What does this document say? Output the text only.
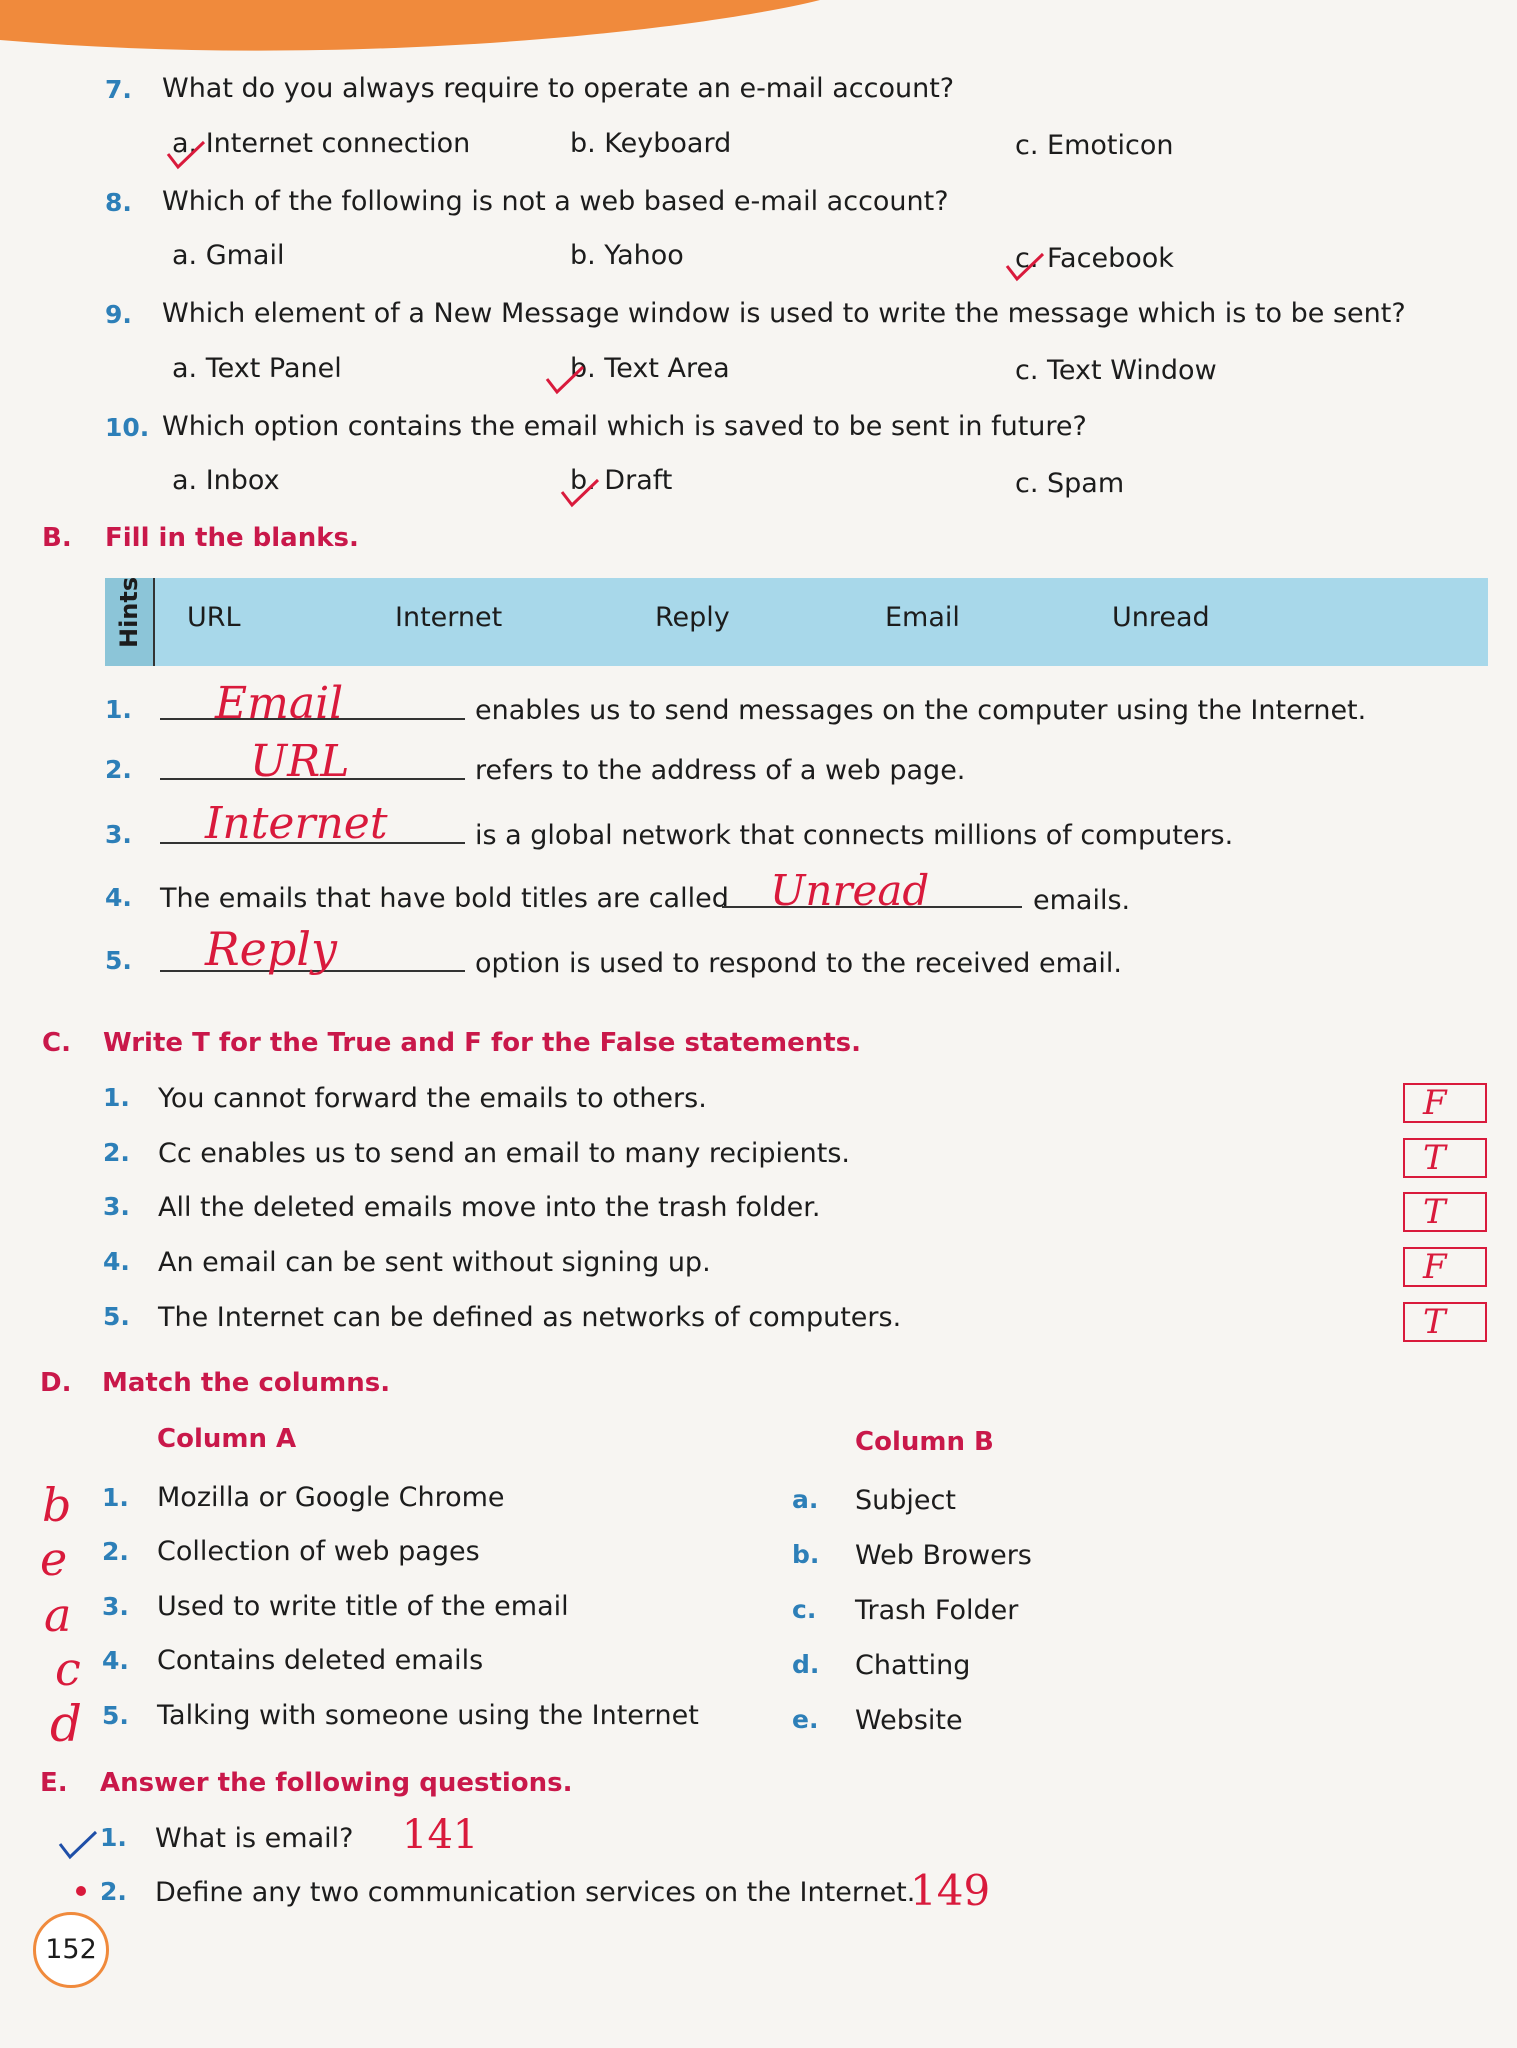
7. What do you always require to operate an e-mail account?
a. Internet connection	b. Keyboard	c. Emoticon
8. Which of the following is not a web based e-mail account?
a. Gmail	b. Yahoo	c. Facebook
9. Which element of a New Message window is used to write the message which is to be sent?
a. Text Panel	b. Text Area	c. Text Window
10. Which option contains the email which is saved to be sent in future?
a. Inbox	b. Draft	c. Spam
B. Fill in the blanks.
Hints URL	Internet	Reply	Email	Unread
1. Email	enables us to send messages on the computer using the Internet.
2.	URL	refers to the address of a web page.
3. Internet	is a global network that connects millions of computers.
4. The emails that have bold titles are called Unread	emails.
5. Reply	option is used to respond to the received email.
C. Write T for the True and F for the False statements.
1. You cannot forward the emails to others.	F
2. Cc enables us to send an email to many recipients.	T
3. All the deleted emails move into the trash folder.	T
4. An email can be sent without signing up.	F
5. The Internet can be defined as networks of computers.	T
D. Match the columns.
Column A	Column B
b 1. Mozilla or Google Chrome	a. Subject
e 2. Collection of web pages	b. Web Browers
a 3. Used to write title of the email	c. Trash Folder
c 4. Contains deleted emails	d. Chatting
d 5. Talking with someone using the Internet	e. Website
E. Answer the following questions.
1. What is email? 141
2. Define any two communication services on the Internet.
149
152
